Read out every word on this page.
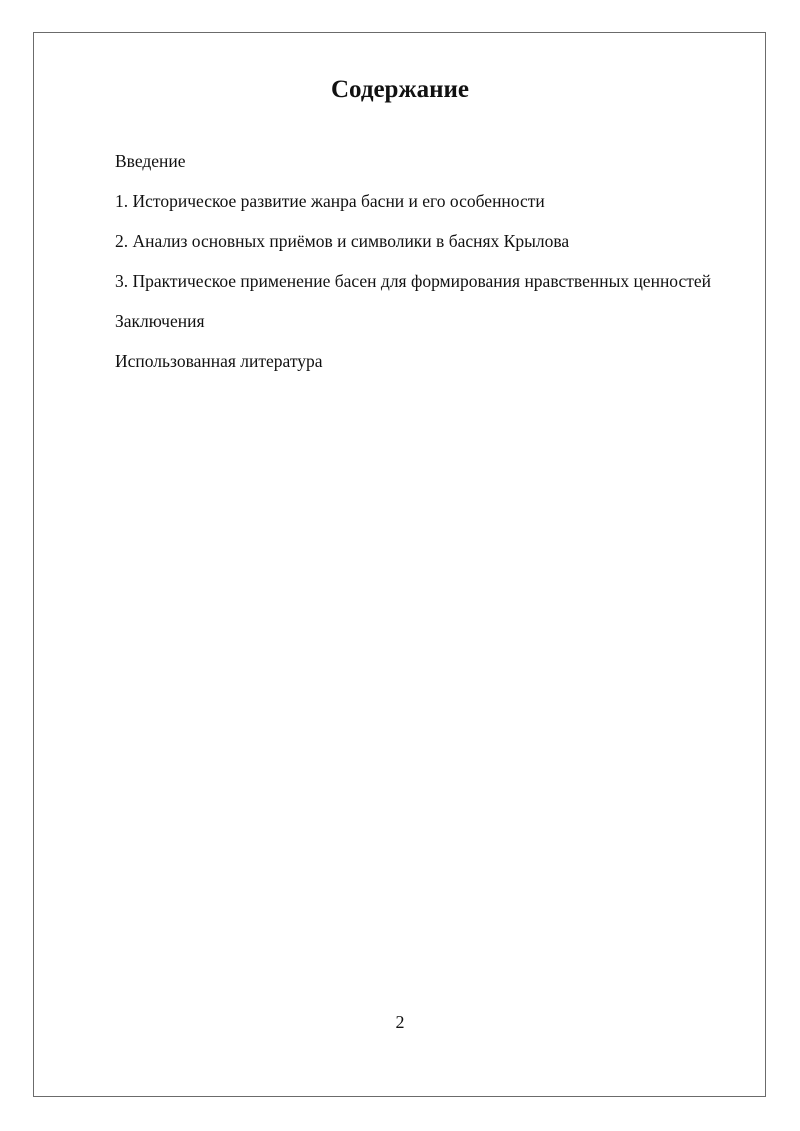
Содержание
Введение
1. Историческое развитие жанра басни и его особенности
2. Анализ основных приёмов и символики в баснях Крылова
3. Практическое применение басен для формирования нравственных ценностей
Заключения
Использованная литература

2
